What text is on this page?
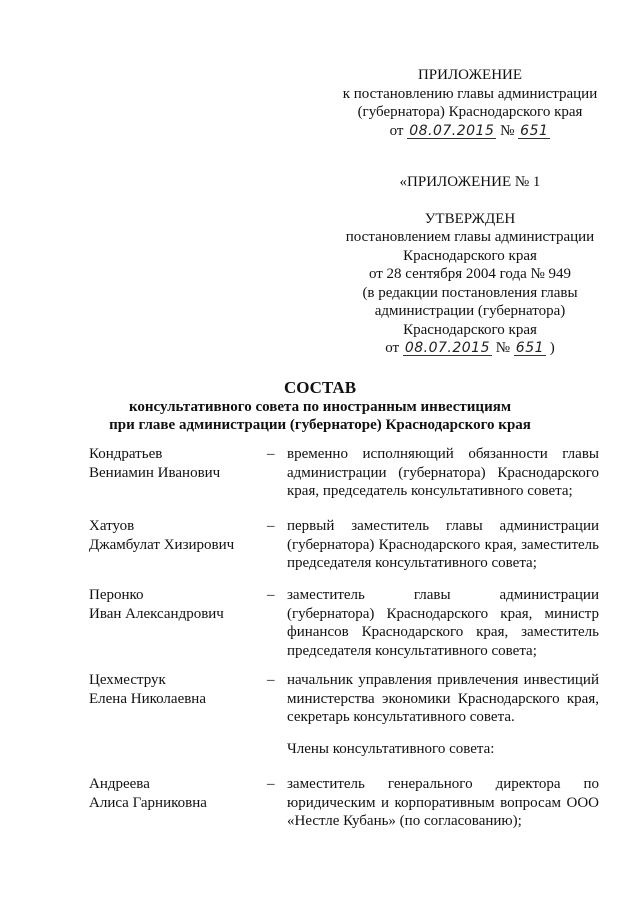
ПРИЛОЖЕНИЕ
к постановлению главы администрации
(губернатора) Краснодарского края
от 08.07.2015 № 651
«ПРИЛОЖЕНИЕ № 1
УТВЕРЖДЕН
постановлением главы администрации
Краснодарского края
от 28 сентября 2004 года № 949
(в редакции постановления главы
администрации (губернатора)
Краснодарского края
от 08.07.2015 № 651 )
СОСТАВ
консультативного совета по иностранным инвестициям
при главе администрации (губернаторе) Краснодарского края
Кондратьев
Вениамин Иванович
– временно исполняющий обязанности главы администрации (губернатора) Краснодарского края, председатель консультативного совета;
Хатуов
Джамбулат Хизирович
– первый заместитель главы администрации (губернатора) Краснодарского края, заместитель председателя консультативного совета;
Перонко
Иван Александрович
– заместитель главы администрации (губернатора) Краснодарского края, министр финансов Краснодарского края, заместитель председателя консультативного совета;
Цехместрук
Елена Николаевна
– начальник управления привлечения инвестиций министерства экономики Краснодарского края, секретарь консультативного совета.
Члены консультативного совета:
Андреева
Алиса Гарниковна
– заместитель генерального директора по юридическим и корпоративным вопросам ООО «Нестле Кубань» (по согласованию);
